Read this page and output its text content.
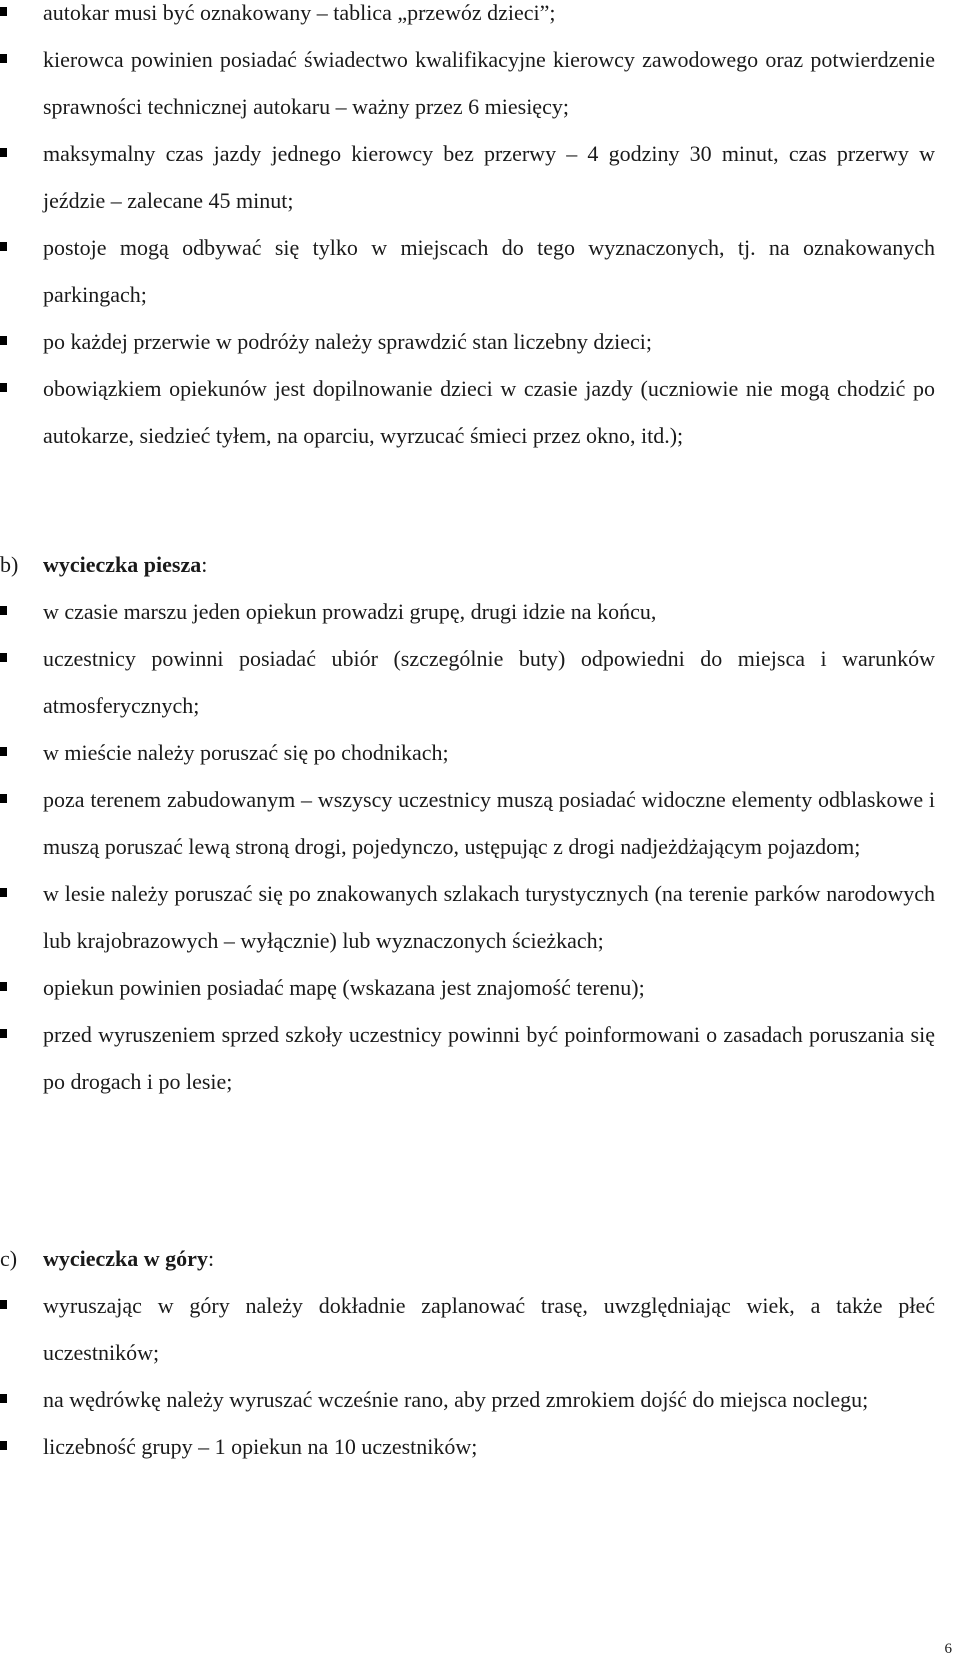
autokar musi być oznakowany – tablica „przewóz dzieci”;
kierowca powinien posiadać świadectwo kwalifikacyjne kierowcy zawodowego oraz potwierdzenie sprawności technicznej autokaru – ważny przez 6 miesięcy;
maksymalny czas jazdy jednego kierowcy bez przerwy – 4 godziny 30 minut, czas przerwy w jeździe – zalecane 45 minut;
postoje mogą odbywać się tylko w miejscach do tego wyznaczonych, tj. na oznakowanych parkingach;
po każdej przerwie w podróży należy sprawdzić stan liczebny dzieci;
obowiązkiem opiekunów jest dopilnowanie dzieci w czasie jazdy (uczniowie nie mogą chodzić po autokarze, siedzieć tyłem, na oparciu, wyrzucać śmieci przez okno, itd.);
b) wycieczka piesza:
w czasie marszu jeden opiekun prowadzi grupę, drugi idzie na końcu,
uczestnicy powinni posiadać ubiór (szczególnie buty) odpowiedni do miejsca i warunków atmosferycznych;
w mieście należy poruszać się po chodnikach;
poza terenem zabudowanym – wszyscy uczestnicy muszą posiadać widoczne elementy odblaskowe i muszą poruszać lewą stroną drogi, pojedynczo, ustępując z drogi nadjeżdżającym pojazdom;
w lesie należy poruszać się po znakowanych szlakach turystycznych (na terenie parków narodowych lub krajobrazowych – wyłącznie) lub wyznaczonych ścieżkach;
opiekun powinien posiadać mapę (wskazana jest znajomość terenu);
przed wyruszeniem sprzed szkoły uczestnicy powinni być poinformowani o zasadach poruszania się po drogach i po lesie;
c) wycieczka w góry:
wyruszając w góry należy dokładnie zaplanować trasę, uwzględniając wiek, a także płeć uczestników;
na wędrówkę należy wyruszać wcześnie rano, aby przed zmrokiem dojść do miejsca noclegu;
liczebność grupy – 1 opiekun na 10 uczestników;
6
